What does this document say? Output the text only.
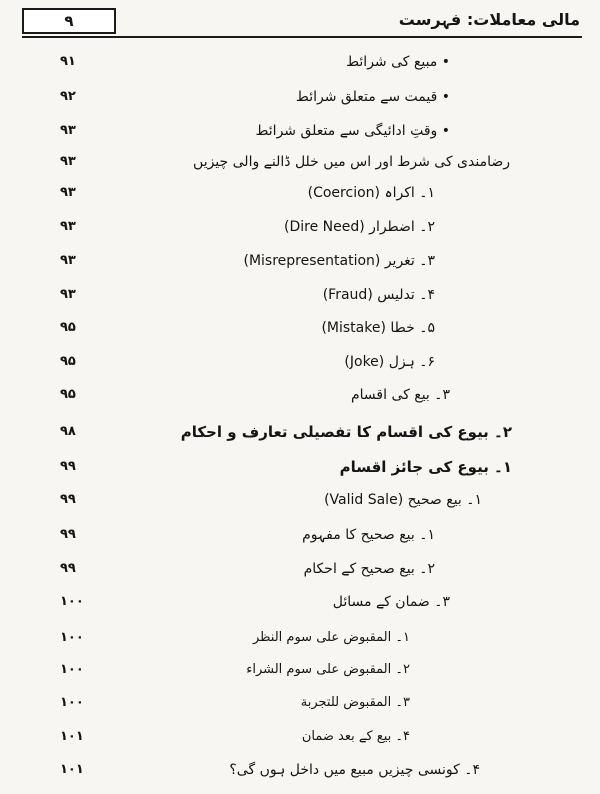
۹	مالی معاملات: فہرست
۹۱	• مبیع کی شرائط
۹۲	• قیمت سے متعلق شرائط
۹۳	• وقتِ ادائیگی سے متعلق شرائط
۹۳	رضامندی کی شرط اور اس میں خلل ڈالنے والی چیزیں
۹۳	۱۔ اکراہ (Coercion)
۹۳	۲۔ اضطرار (Dire Need)
۹۳	۳۔ تغریر (Misrepresentation)
۹۳	۴۔ تدلیس (Fraud)
۹۵	۵۔ خطا (Mistake)
۹۵	۶۔ ہزل (Joke)
۹۵	۳۔ بیع کی اقسام
۹۸	۲۔ بیوع کی اقسام کا تفصیلی تعارف و احکام
۹۹	۱۔ بیوع کی جائز اقسام
۹۹	۱۔ بیع صحیح (Valid Sale)
۹۹	۱۔ بیع صحیح کا مفہوم
۹۹	۲۔ بیع صحیح کے احکام
۱۰۰	۳۔ ضمان کے مسائل
۱۰۰	۱۔ المقبوض علی سوم النظر
۱۰۰	۲۔ المقبوض علی سوم الشراء
۱۰۰	۳۔ المقبوض للتجربة
۱۰۱	۴۔ بیع کے بعد ضمان
۱۰۱	۴۔ کونسی چیزیں مبیع میں داخل ہوں گی؟
